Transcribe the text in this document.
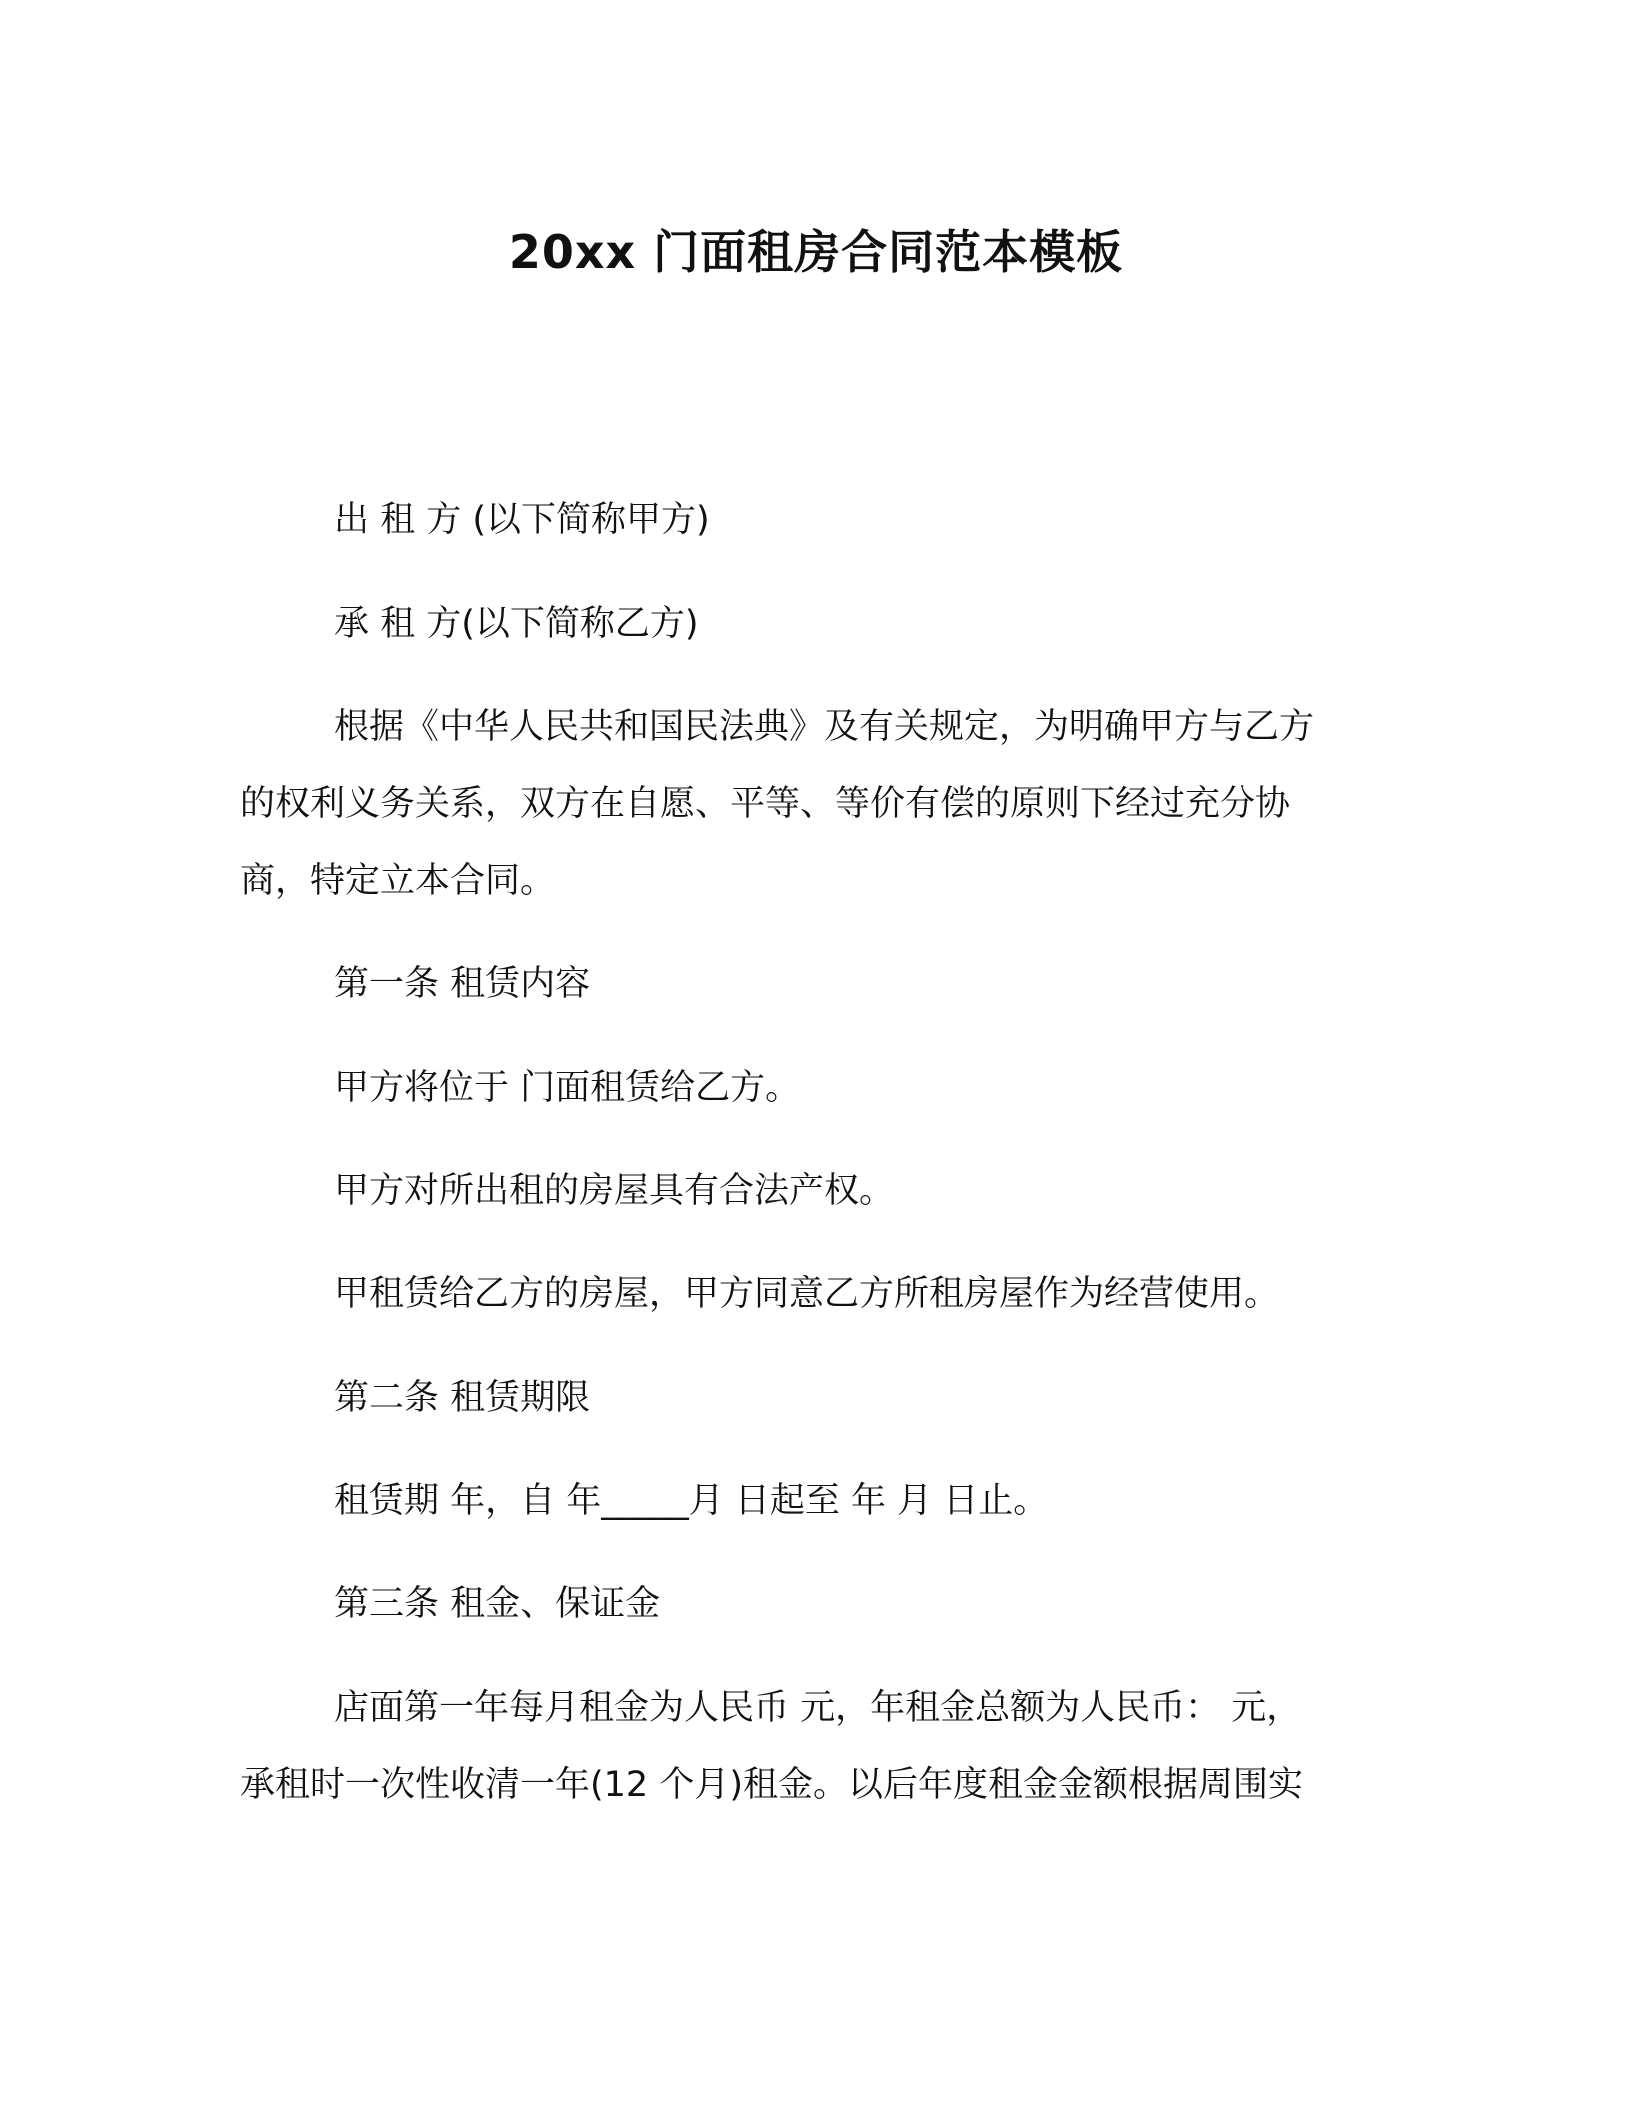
20xx 门面租房合同范本模板

出 租 方 (以下简称甲方)

承 租 方(以下简称乙方)

根据《中华人民共和国民法典》及有关规定，为明确甲方与乙方

的权利义务关系，双方在自愿、平等、等价有偿的原则下经过充分协

商，特定立本合同。

第一条 租赁内容

甲方将位于 门面租赁给乙方。

甲方对所出租的房屋具有合法产权。

甲租赁给乙方的房屋，甲方同意乙方所租房屋作为经营使用。

第二条 租赁期限

租赁期 年，自 年_____月 日起至 年 月 日止。

第三条 租金、保证金

店面第一年每月租金为人民币 元，年租金总额为人民币： 元，

承租时一次性收清一年(12 个月)租金。以后年度租金金额根据周围实
